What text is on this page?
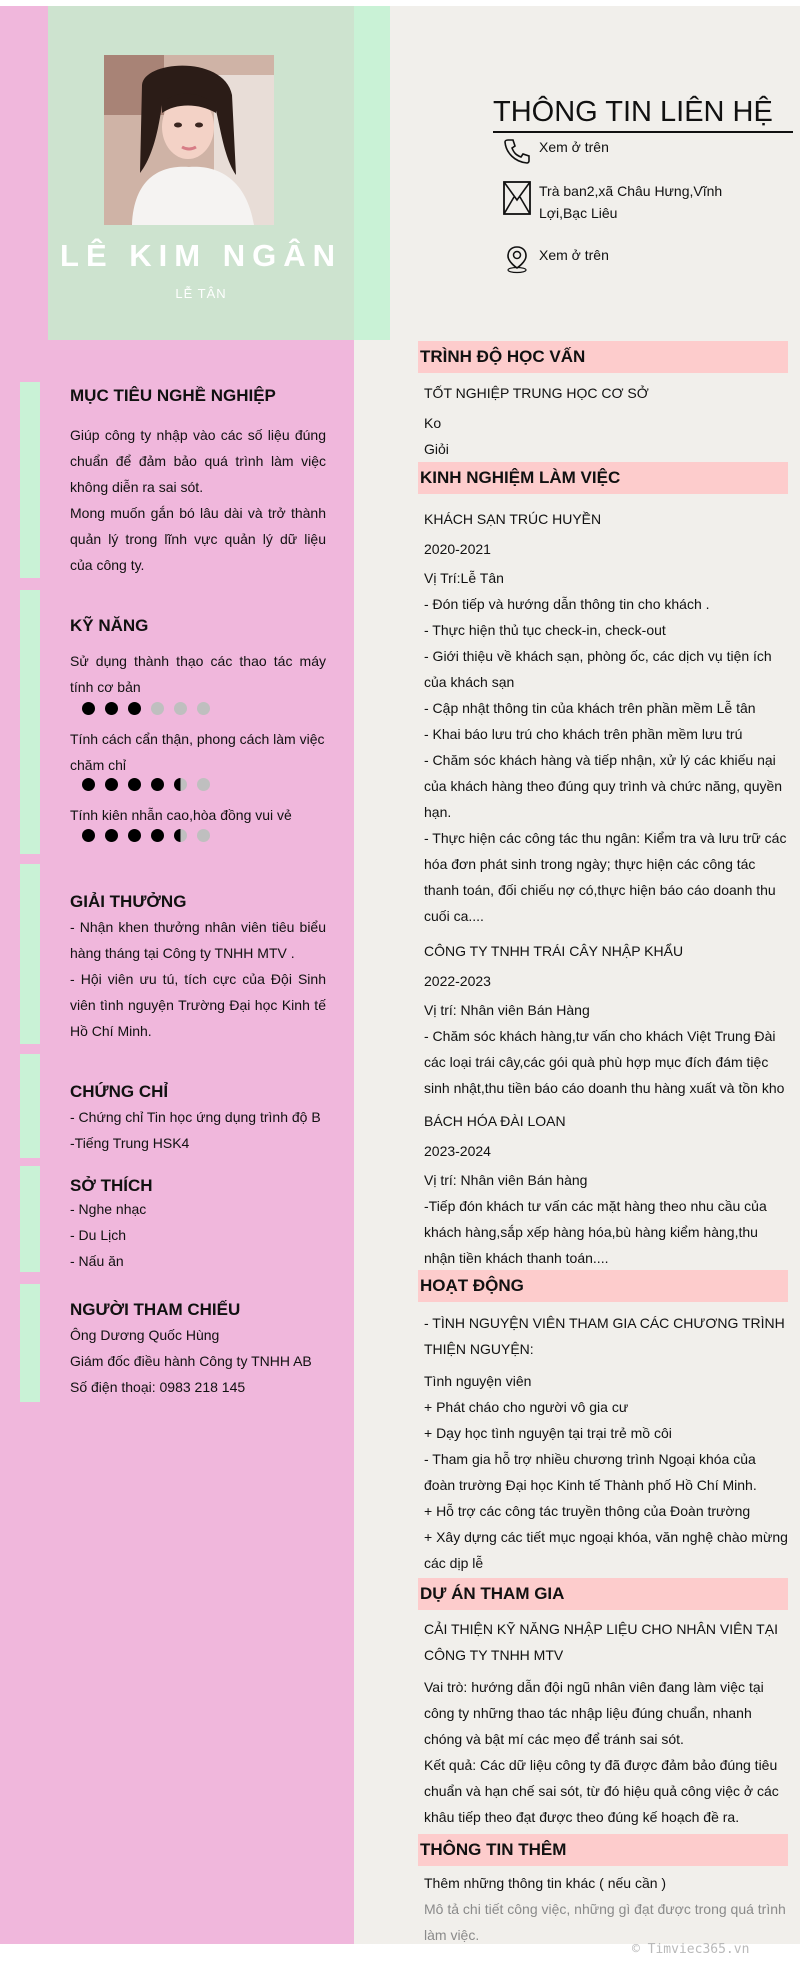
LÊ KIM NGÂN
LỄ TÂN
THÔNG TIN LIÊN HỆ
Xem ở trên
Trà ban2,xã Châu Hưng,Vĩnh
Lợi,Bạc Liêu
Xem ở trên
MỤC TIÊU NGHỀ NGHIỆP
Giúp công ty nhập vào các số liệu đúng chuẩn để đảm bảo quá trình làm việc không diễn ra sai sót.
Mong muốn gắn bó lâu dài và trở thành quản lý trong lĩnh vực quản lý dữ liệu của công ty.
KỸ NĂNG
Sử dụng thành thạo các thao tác máy tính cơ bản
Tính cách cẩn thận, phong cách làm việc chăm chỉ
Tính kiên nhẫn cao,hòa đồng vui vẻ
GIẢI THƯỞNG
- Nhận khen thưởng nhân viên tiêu biểu hàng tháng tại Công ty TNHH MTV .
- Hội viên ưu tú, tích cực của Đội Sinh viên tình nguyện Trường Đại học Kinh tế Hồ Chí Minh.
CHỨNG CHỈ
- Chứng chỉ Tin học ứng dụng trình độ B
-Tiếng Trung HSK4
SỞ THÍCH
- Nghe nhạc
- Du Lịch
- Nấu ăn
NGƯỜI THAM CHIẾU
Ông Dương Quốc Hùng
Giám đốc điều hành Công ty TNHH AB
Số điện thoại: 0983 218 145
TRÌNH ĐỘ HỌC VẤN
TỐT NGHIỆP TRUNG HỌC CƠ SỞ
Ko
Giỏi
KINH NGHIỆM LÀM VIỆC
KHÁCH SẠN TRÚC HUYỀN
2020-2021
Vị Trí:Lễ Tân
- Đón tiếp và hướng dẫn thông tin cho khách .
- Thực hiện thủ tục check-in, check-out
- Giới thiệu về khách sạn, phòng ốc, các dịch vụ tiện ích của khách sạn
- Cập nhật thông tin của khách trên phần mềm Lễ tân
- Khai báo lưu trú cho khách trên phần mềm lưu trú
- Chăm sóc khách hàng và tiếp nhận, xử lý các khiếu nại của khách hàng theo đúng quy trình và chức năng, quyền hạn.
- Thực hiện các công tác thu ngân: Kiểm tra và lưu trữ các hóa đơn phát sinh trong ngày; thực hiện các công tác thanh toán, đối chiếu nợ có,thực hiện báo cáo doanh thu cuối ca....
CÔNG TY TNHH TRÁI CÂY NHẬP KHẨU
2022-2023
Vị trí: Nhân viên Bán Hàng
- Chăm sóc khách hàng,tư vấn cho khách Việt Trung Đài các loại trái cây,các gói quà phù hợp mục đích đám tiệc sinh nhật,thu tiền báo cáo doanh thu hàng xuất và tồn kho
BÁCH HÓA ĐÀI LOAN
2023-2024
Vị trí: Nhân viên Bán hàng
-Tiếp đón khách tư vấn các mặt hàng theo nhu cầu của khách hàng,sắp xếp hàng hóa,bù hàng kiểm hàng,thu nhận tiền khách thanh toán....
HOẠT ĐỘNG
- TÌNH NGUYỆN VIÊN THAM GIA CÁC CHƯƠNG TRÌNH THIỆN NGUYỆN:
Tình nguyện viên
+ Phát cháo cho người vô gia cư
+ Dạy học tình nguyện tại trại trẻ mồ côi
- Tham gia hỗ trợ nhiều chương trình Ngoại khóa của đoàn trường Đại học Kinh tế Thành phố Hồ Chí Minh.
+ Hỗ trợ các công tác truyền thông của Đoàn trường
+ Xây dựng các tiết mục ngoại khóa, văn nghệ chào mừng các dịp lễ
DỰ ÁN THAM GIA
CẢI THIỆN KỸ NĂNG NHẬP LIỆU CHO NHÂN VIÊN TẠI CÔNG TY TNHH MTV
Vai trò: hướng dẫn đội ngũ nhân viên đang làm việc tại công ty những thao tác nhập liệu đúng chuẩn, nhanh chóng và bật mí các mẹo để tránh sai sót.
Kết quả: Các dữ liệu công ty đã được đảm bảo đúng tiêu chuẩn và hạn chế sai sót, từ đó hiệu quả công việc ở các khâu tiếp theo đạt được theo đúng kế hoạch đề ra.
THÔNG TIN THÊM
Thêm những thông tin khác ( nếu cần )
Mô tả chi tiết công việc, những gì đạt được trong quá trình làm việc.
© Timviec365.vn
